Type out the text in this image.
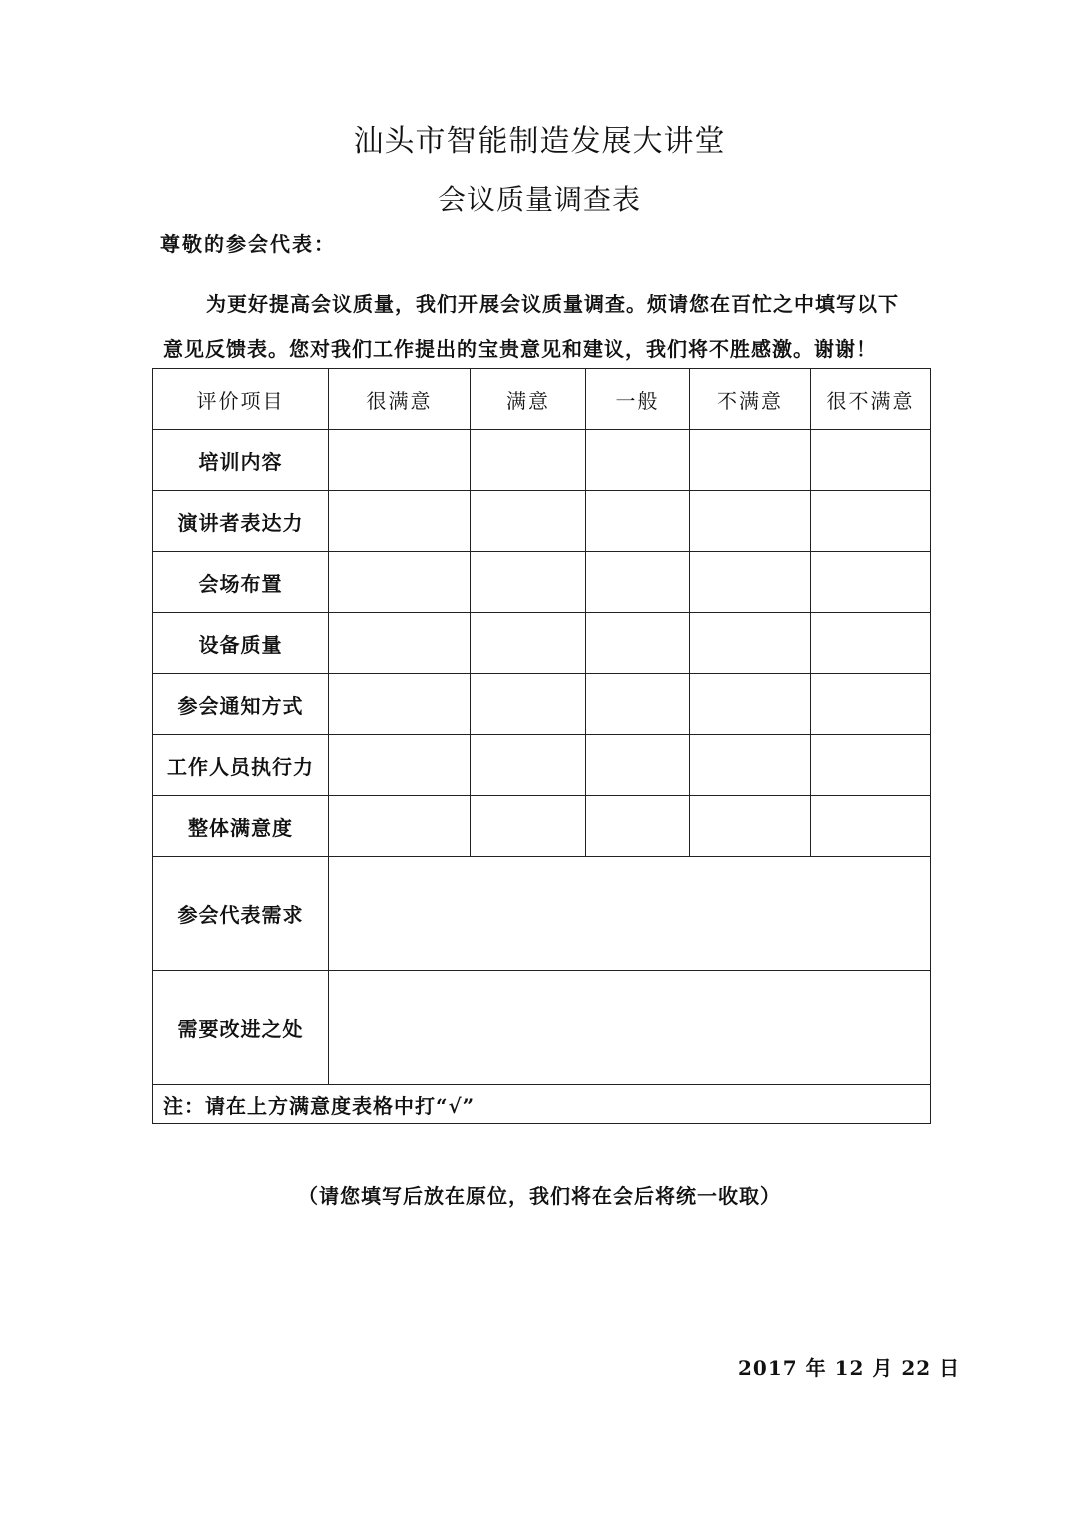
汕头市智能制造发展大讲堂
会议质量调查表
尊敬的参会代表：
为更好提高会议质量，我们开展会议质量调查。烦请您在百忙之中填写以下
意见反馈表。您对我们工作提出的宝贵意见和建议，我们将不胜感激。谢谢！
评价项目	很满意	满意	一般	不满意	很不满意
培训内容					
演讲者表达力					
会场布置					
设备质量					
参会通知方式					
工作人员执行力					
整体满意度					
参会代表需求					
需要改进之处					
注：请在上方满意度表格中打“√”					
（请您填写后放在原位，我们将在会后将统一收取）
2017 年 12 月 22 日
